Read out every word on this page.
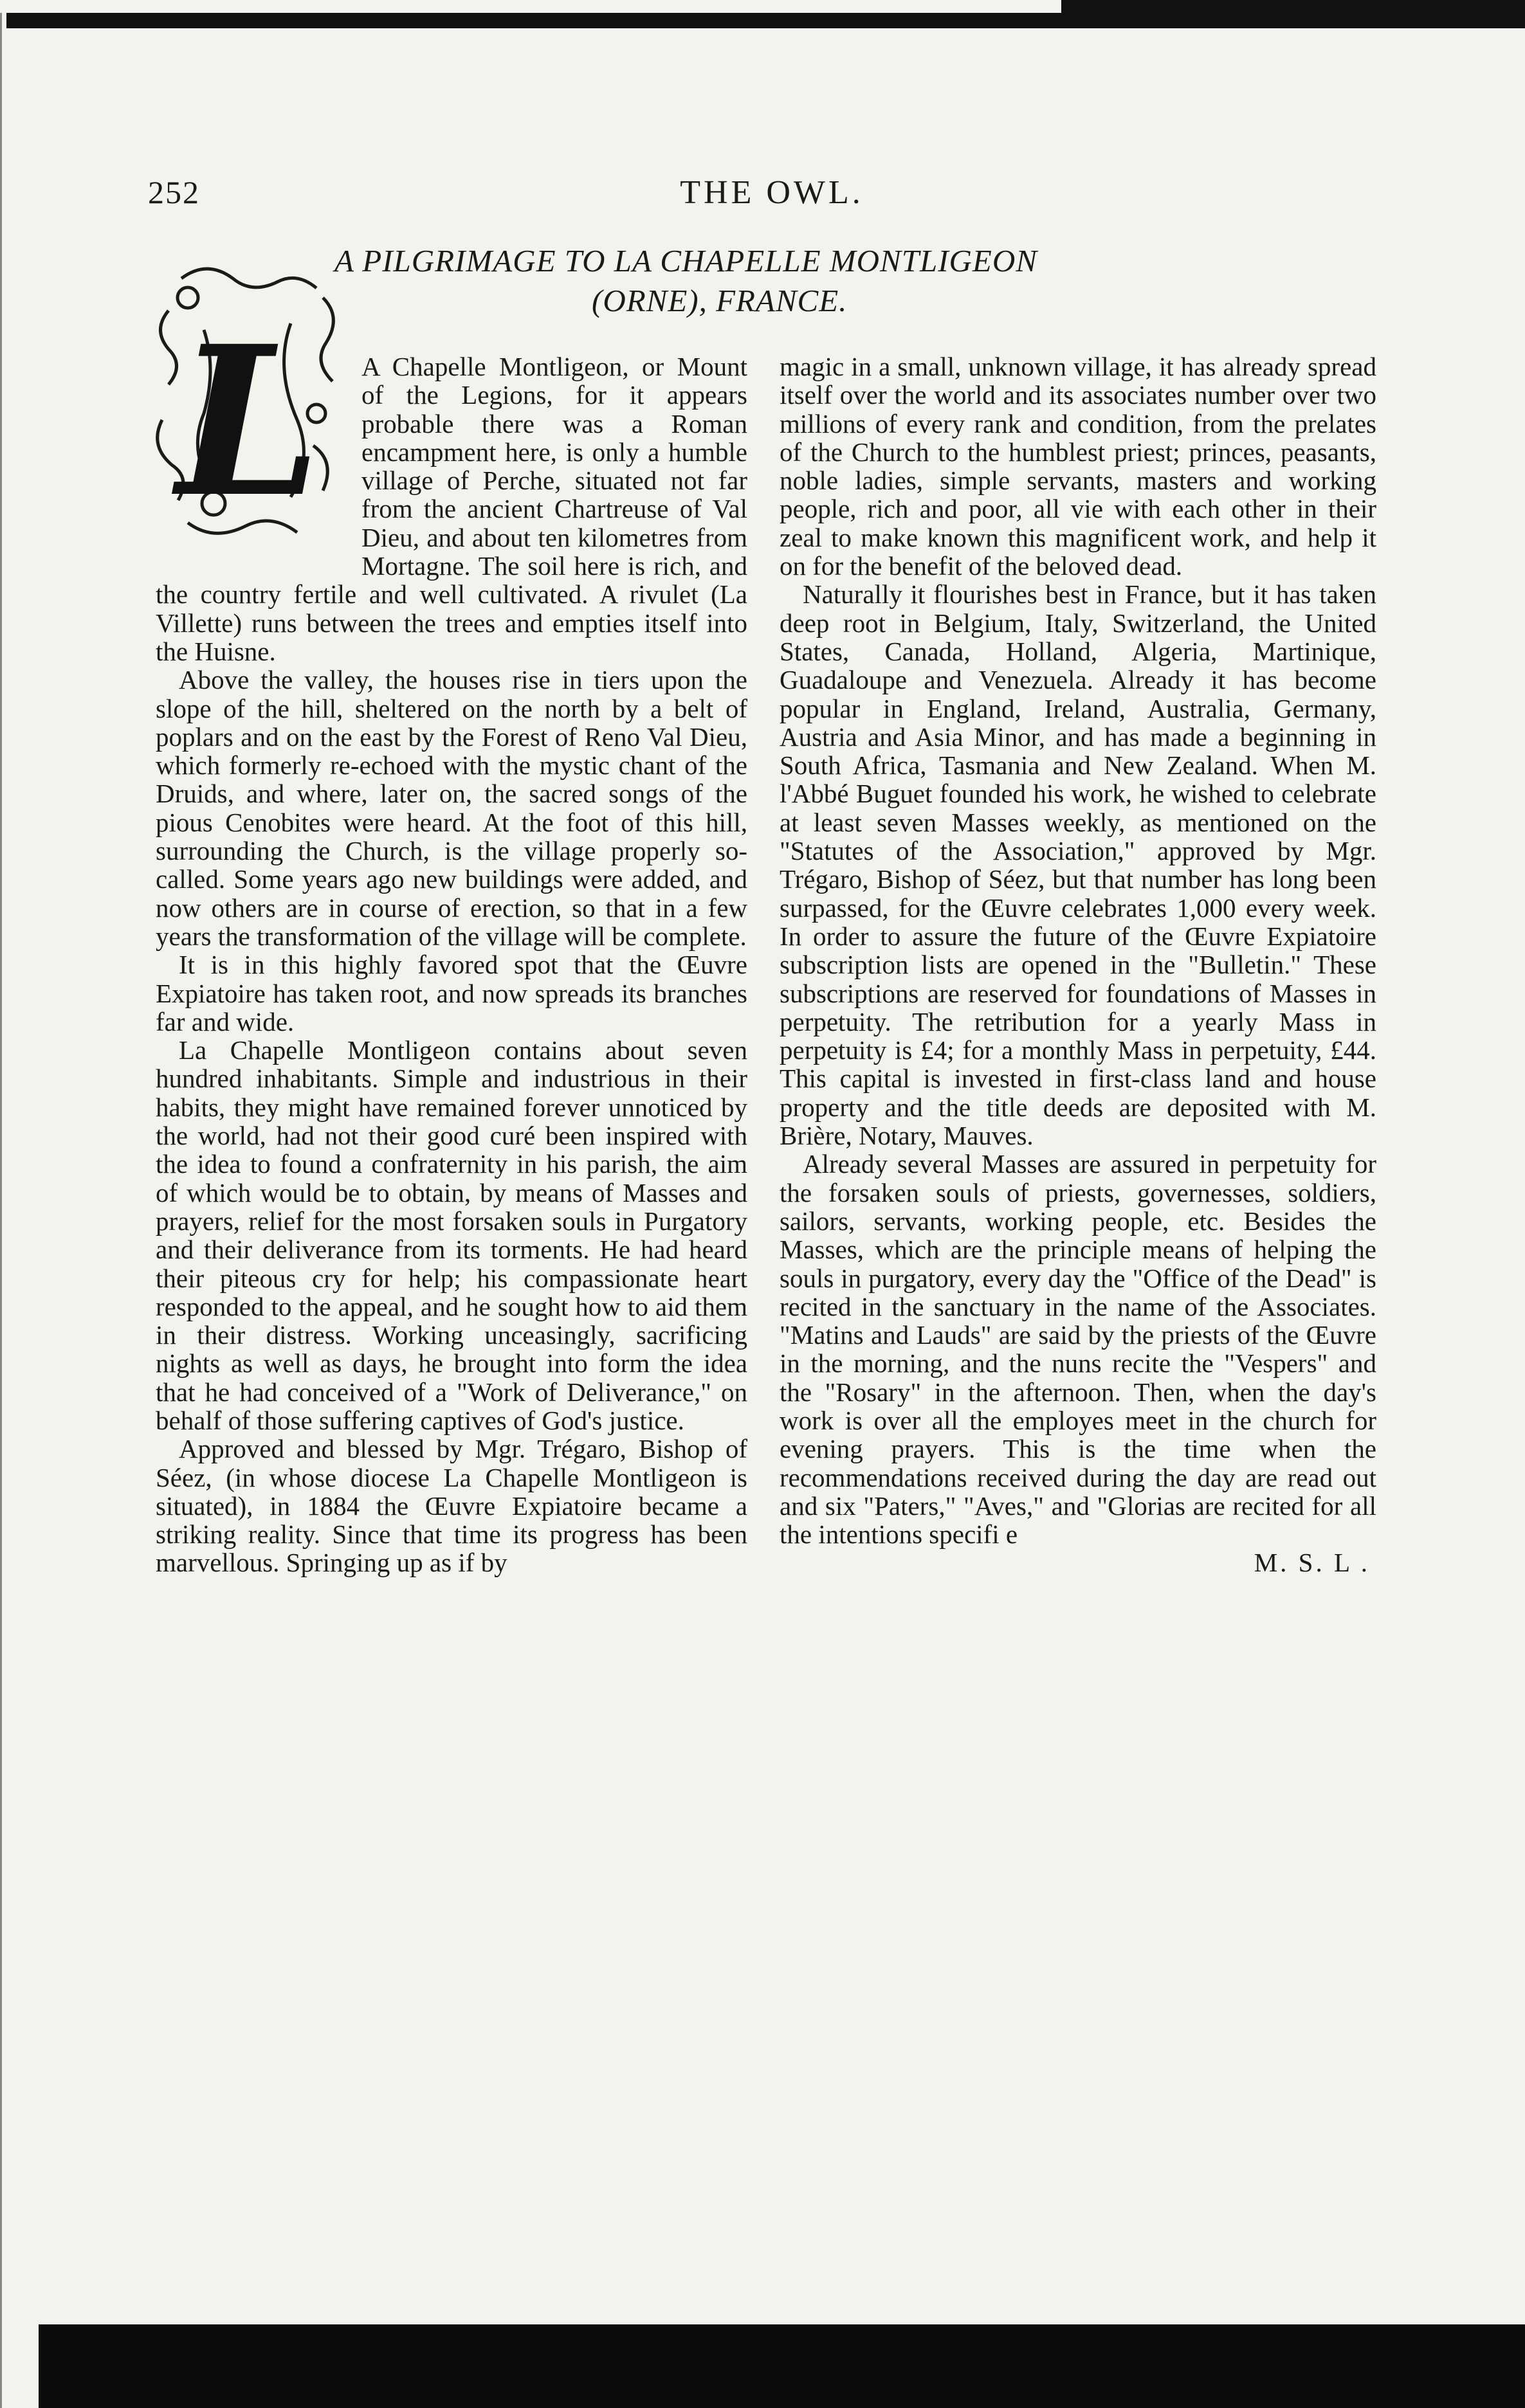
252	THE OWL.
A PILGRIMAGE TO LA CHAPELLE MONTLIGEON
(ORNE), FRANCE.
L	A Chapelle Montligeon, or Mount of the Legions, for it appears probable there was a Roman encampment here, is only a humble village of Perche, situated not far from the ancient Chartreuse of Val Dieu, and about ten kilometres from Mortagne. The soil here is rich, and the country fertile and well cultivated. A rivulet (La Villette) runs between the trees and empties itself into the Huisne.

Above the valley, the houses rise in tiers upon the slope of the hill, sheltered on the north by a belt of poplars and on the east by the Forest of Reno Val Dieu, which formerly re-echoed with the mystic chant of the Druids, and where, later on, the sacred songs of the pious Cenobites were heard. At the foot of this hill, surrounding the Church, is the village properly so-called. Some years ago new buildings were added, and now others are in course of erection, so that in a few years the transformation of the village will be complete.

It is in this highly favored spot that the Œuvre Expiatoire has taken root, and now spreads its branches far and wide.

La Chapelle Montligeon contains about seven hundred inhabitants. Simple and industrious in their habits, they might have remained forever unnoticed by the world, had not their good curé been inspired with the idea to found a confraternity in his parish, the aim of which would be to obtain, by means of Masses and prayers, relief for the most forsaken souls in Purgatory and their deliverance from its torments. He had heard their piteous cry for help; his compassionate heart responded to the appeal, and he sought how to aid them in their distress. Working unceasingly, sacrificing nights as well as days, he brought into form the idea that he had conceived of a "Work of Deliverance," on behalf of those suffering captives of God's justice.

Approved and blessed by Mgr. Trégaro, Bishop of Séez, (in whose diocese La Chapelle Montligeon is situated), in 1884 the Œuvre Expiatoire became a striking reality. Since that time its progress has been marvellous. Springing up as if by

magic in a small, unknown village, it has already spread itself over the world and its associates number over two millions of every rank and condition, from the prelates of the Church to the humblest priest; princes, peasants, noble ladies, simple servants, masters and working people, rich and poor, all vie with each other in their zeal to make known this magnificent work, and help it on for the benefit of the beloved dead.

Naturally it flourishes best in France, but it has taken deep root in Belgium, Italy, Switzerland, the United States, Canada, Holland, Algeria, Martinique, Guadaloupe and Venezuela. Already it has become popular in England, Ireland, Australia, Germany, Austria and Asia Minor, and has made a beginning in South Africa, Tasmania and New Zealand. When M. l'Abbé Buguet founded his work, he wished to celebrate at least seven Masses weekly, as mentioned on the "Statutes of the Association," approved by Mgr. Trégaro, Bishop of Séez, but that number has long been surpassed, for the Œuvre celebrates 1,000 every week. In order to assure the future of the Œuvre Expiatoire subscription lists are opened in the "Bulletin." These subscriptions are reserved for foundations of Masses in perpetuity. The retribution for a yearly Mass in perpetuity is £4; for a monthly Mass in perpetuity, £44. This capital is invested in first-class land and house property and the title deeds are deposited with M. Brière, Notary, Mauves.

Already several Masses are assured in perpetuity for the forsaken souls of priests, governesses, soldiers, sailors, servants, working people, etc. Besides the Masses, which are the principle means of helping the souls in purgatory, every day the "Office of the Dead" is recited in the sanctuary in the name of the Associates. "Matins and Lauds" are said by the priests of the Œuvre in the morning, and the nuns recite the "Vespers" and the "Rosary" in the afternoon. Then, when the day's work is over all the employes meet in the church for evening prayers. This is the time when the recommendations received during the day are read out and six "Paters," "Aves," and "Glorias are recited for all the intentions specifi e

M. S. L .
